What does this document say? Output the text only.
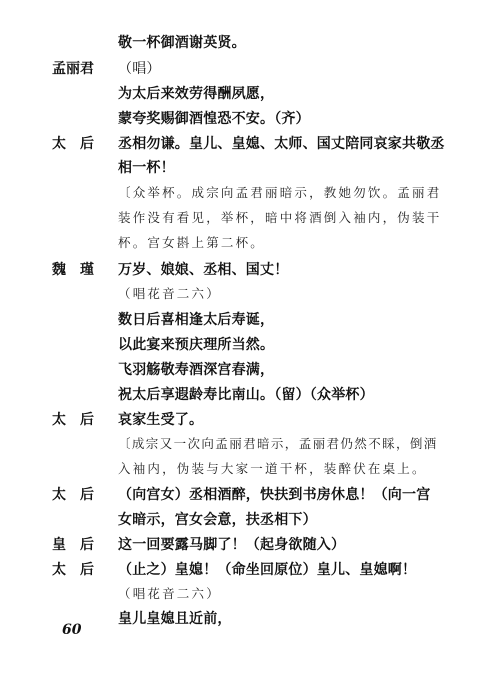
敬一杯御酒谢英贤。
孟丽君 （唱）
为太后来效劳得酬夙愿，
蒙夸奖赐御酒惶恐不安。（齐）
太　后 丞相勿谦。皇儿、皇媳、太师、国丈陪同哀家共敬丞
相一杯！
〔众举杯。成宗向孟君丽暗示，教她勿饮。孟丽君
装作没有看见，举杯，暗中将酒倒入袖内，伪装干
杯。宫女斟上第二杯。
魏　瑾 万岁、娘娘、丞相、国丈！
（唱花音二六）
数日后喜相逢太后寿诞，
以此宴来预庆理所当然。
飞羽觞敬寿酒深宫春满，
祝太后享遐龄寿比南山。（留）（众举杯）
太　后 哀家生受了。
〔成宗又一次向孟丽君暗示，孟丽君仍然不睬，倒酒
入袖内，伪装与大家一道干杯，装醉伏在桌上。
太　后 （向宫女）丞相酒醉，快扶到书房休息！（向一宫
女暗示，宫女会意，扶丞相下）
皇　后 这一回要露马脚了！（起身欲随入）
太　后 （止之）皇媳！（命坐回原位）皇儿、皇媳啊！
（唱花音二六）
皇儿皇媳且近前，
60
